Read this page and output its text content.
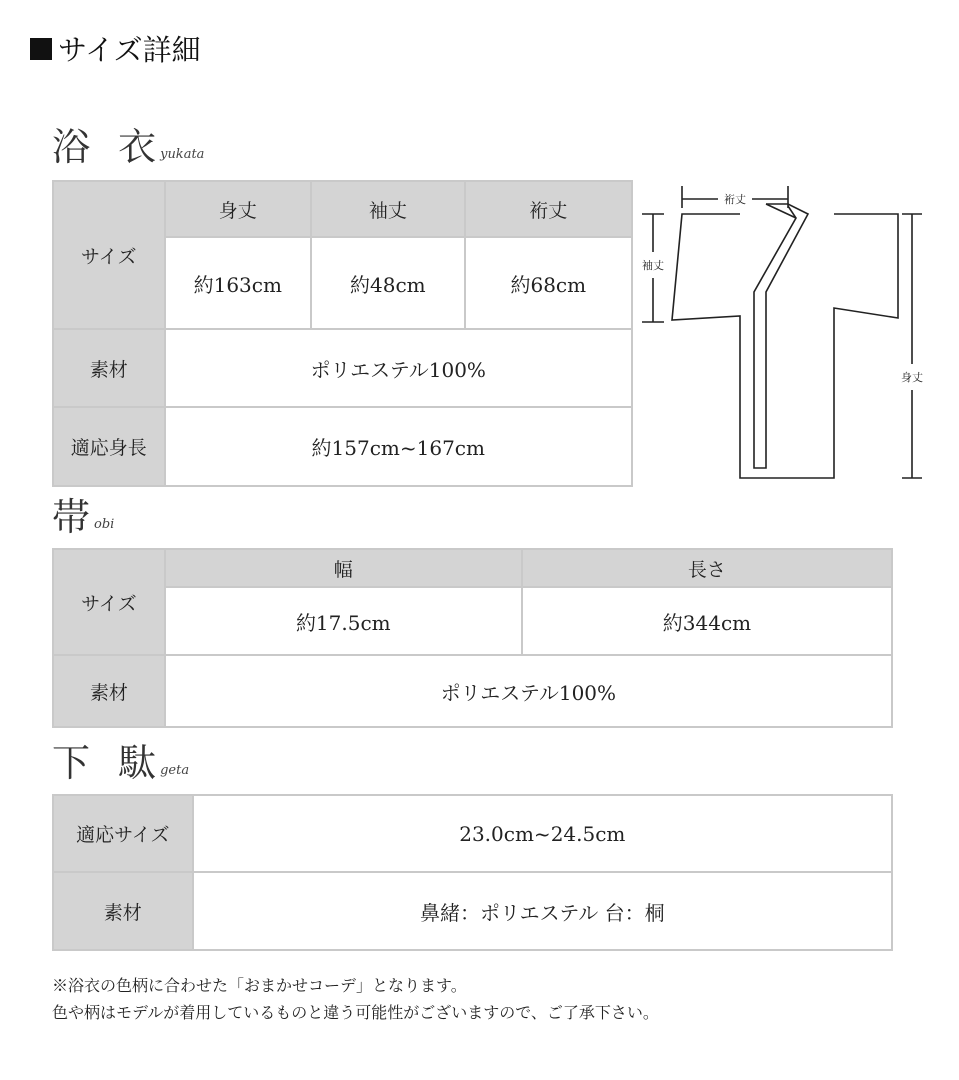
サイズ詳細
浴 衣
yukata
サイズ	身丈	袖丈	裄丈
	約163cm	約48cm	約68cm
素材	ポリエステル100%		
適応身長	約157cm~167cm		
裄丈
袖丈
身丈
帯
obi
サイズ	幅	長さ
	約17.5cm	約344cm
素材	ポリエステル100%	
下 駄
geta
適応サイズ	23.0cm~24.5cm
素材	鼻緒：ポリエステル 台：桐
※浴衣の色柄に合わせた「おまかせコーデ」となります。
色や柄はモデルが着用しているものと違う可能性がございますので、ご了承下さい。
